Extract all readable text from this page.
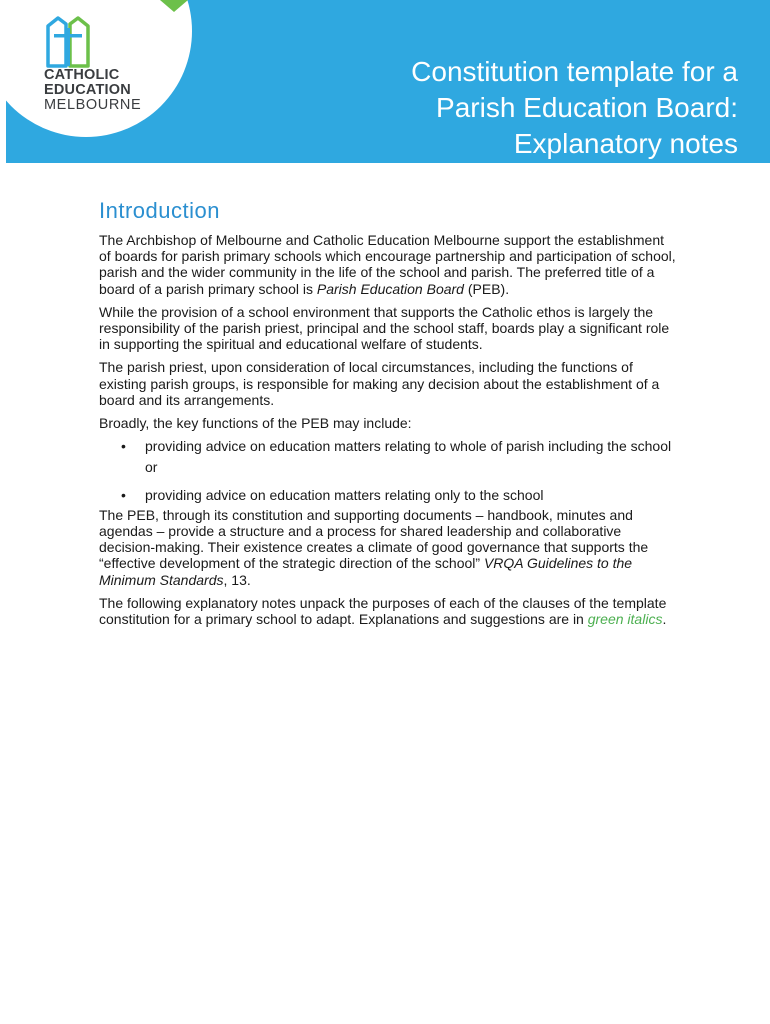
Constitution template for a
Parish Education Board:
Explanatory notes
CATHOLIC
EDUCATION
MELBOURNE
Introduction

The Archbishop of Melbourne and Catholic Education Melbourne support the establishment of boards for parish primary schools which encourage partnership and participation of school, parish and the wider community in the life of the school and parish. The preferred title of a board of a parish primary school is Parish Education Board (PEB).

While the provision of a school environment that supports the Catholic ethos is largely the responsibility of the parish priest, principal and the school staff, boards play a significant role in supporting the spiritual and educational welfare of students.

The parish priest, upon consideration of local circumstances, including the functions of existing parish groups, is responsible for making any decision about the establishment of a board and its arrangements.

Broadly, the key functions of the PEB may include:

• providing advice on education matters relating to whole of parish including the school
or
• providing advice on education matters relating only to the school

The PEB, through its constitution and supporting documents – handbook, minutes and agendas – provide a structure and a process for shared leadership and collaborative decision-making. Their existence creates a climate of good governance that supports the “effective development of the strategic direction of the school” VRQA Guidelines to the Minimum Standards, 13.

The following explanatory notes unpack the purposes of each of the clauses of the template constitution for a primary school to adapt. Explanations and suggestions are in green italics.
